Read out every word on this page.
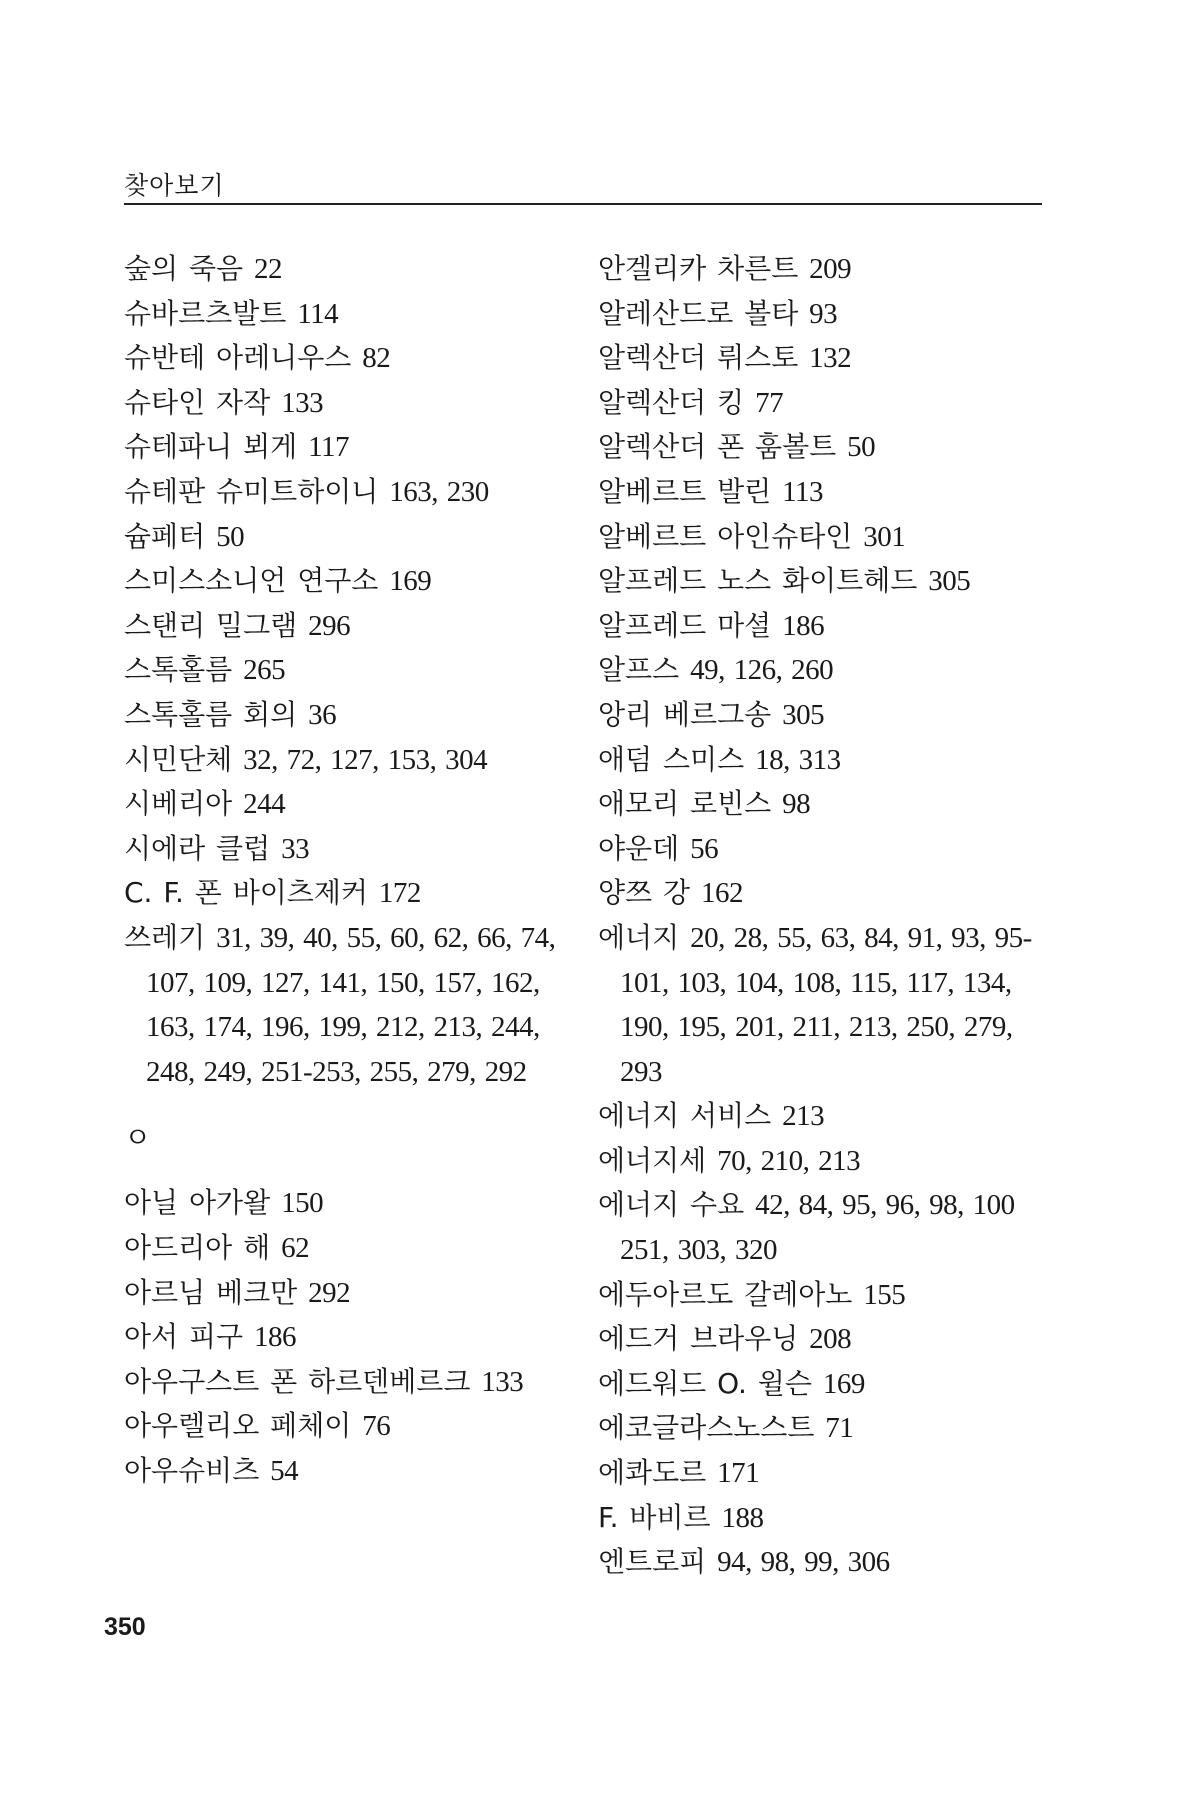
찾아보기

숲의 죽음 22

슈바르츠발트 114

슈반테 아레니우스 82

슈타인 자작 133

슈테파니 뵈게 117

슈테판 슈미트하이니 163, 230

슘페터 50

스미스소니언 연구소 169

스탠리 밀그램 296

스톡홀름 265

스톡홀름 회의 36

시민단체 32, 72, 127, 153, 304

시베리아 244

시에라 클럽 33

C. F. 폰 바이츠제커 172

쓰레기 31, 39, 40, 55, 60, 62, 66, 74, 107, 109, 127, 141, 150, 157, 162, 163, 174, 196, 199, 212, 213, 244, 248, 249, 251-253, 255, 279, 292

ㅇ

아닐 아가왈 150

아드리아 해 62

아르님 베크만 292

아서 피구 186

아우구스트 폰 하르덴베르크 133

아우렐리오 페체이 76

아우슈비츠 54

안겔리카 차른트 209

알레산드로 볼타 93

알렉산더 뤼스토 132

알렉산더 킹 77

알렉산더 폰 훔볼트 50

알베르트 발린 113

알베르트 아인슈타인 301

알프레드 노스 화이트헤드 305

알프레드 마셜 186

알프스 49, 126, 260

앙리 베르그송 305

애덤 스미스 18, 313

애모리 로빈스 98

야운데 56

양쯔 강 162

에너지 20, 28, 55, 63, 84, 91, 93, 95-101, 103, 104, 108, 115, 117, 134, 190, 195, 201, 211, 213, 250, 279, 293

에너지 서비스 213

에너지세 70, 210, 213

에너지 수요 42, 84, 95, 96, 98, 100 251, 303, 320

에두아르도 갈레아노 155

에드거 브라우닝 208

에드워드 O. 윌슨 169

에코글라스노스트 71

에콰도르 171

F. 바비르 188

엔트로피 94, 98, 99, 306

350
